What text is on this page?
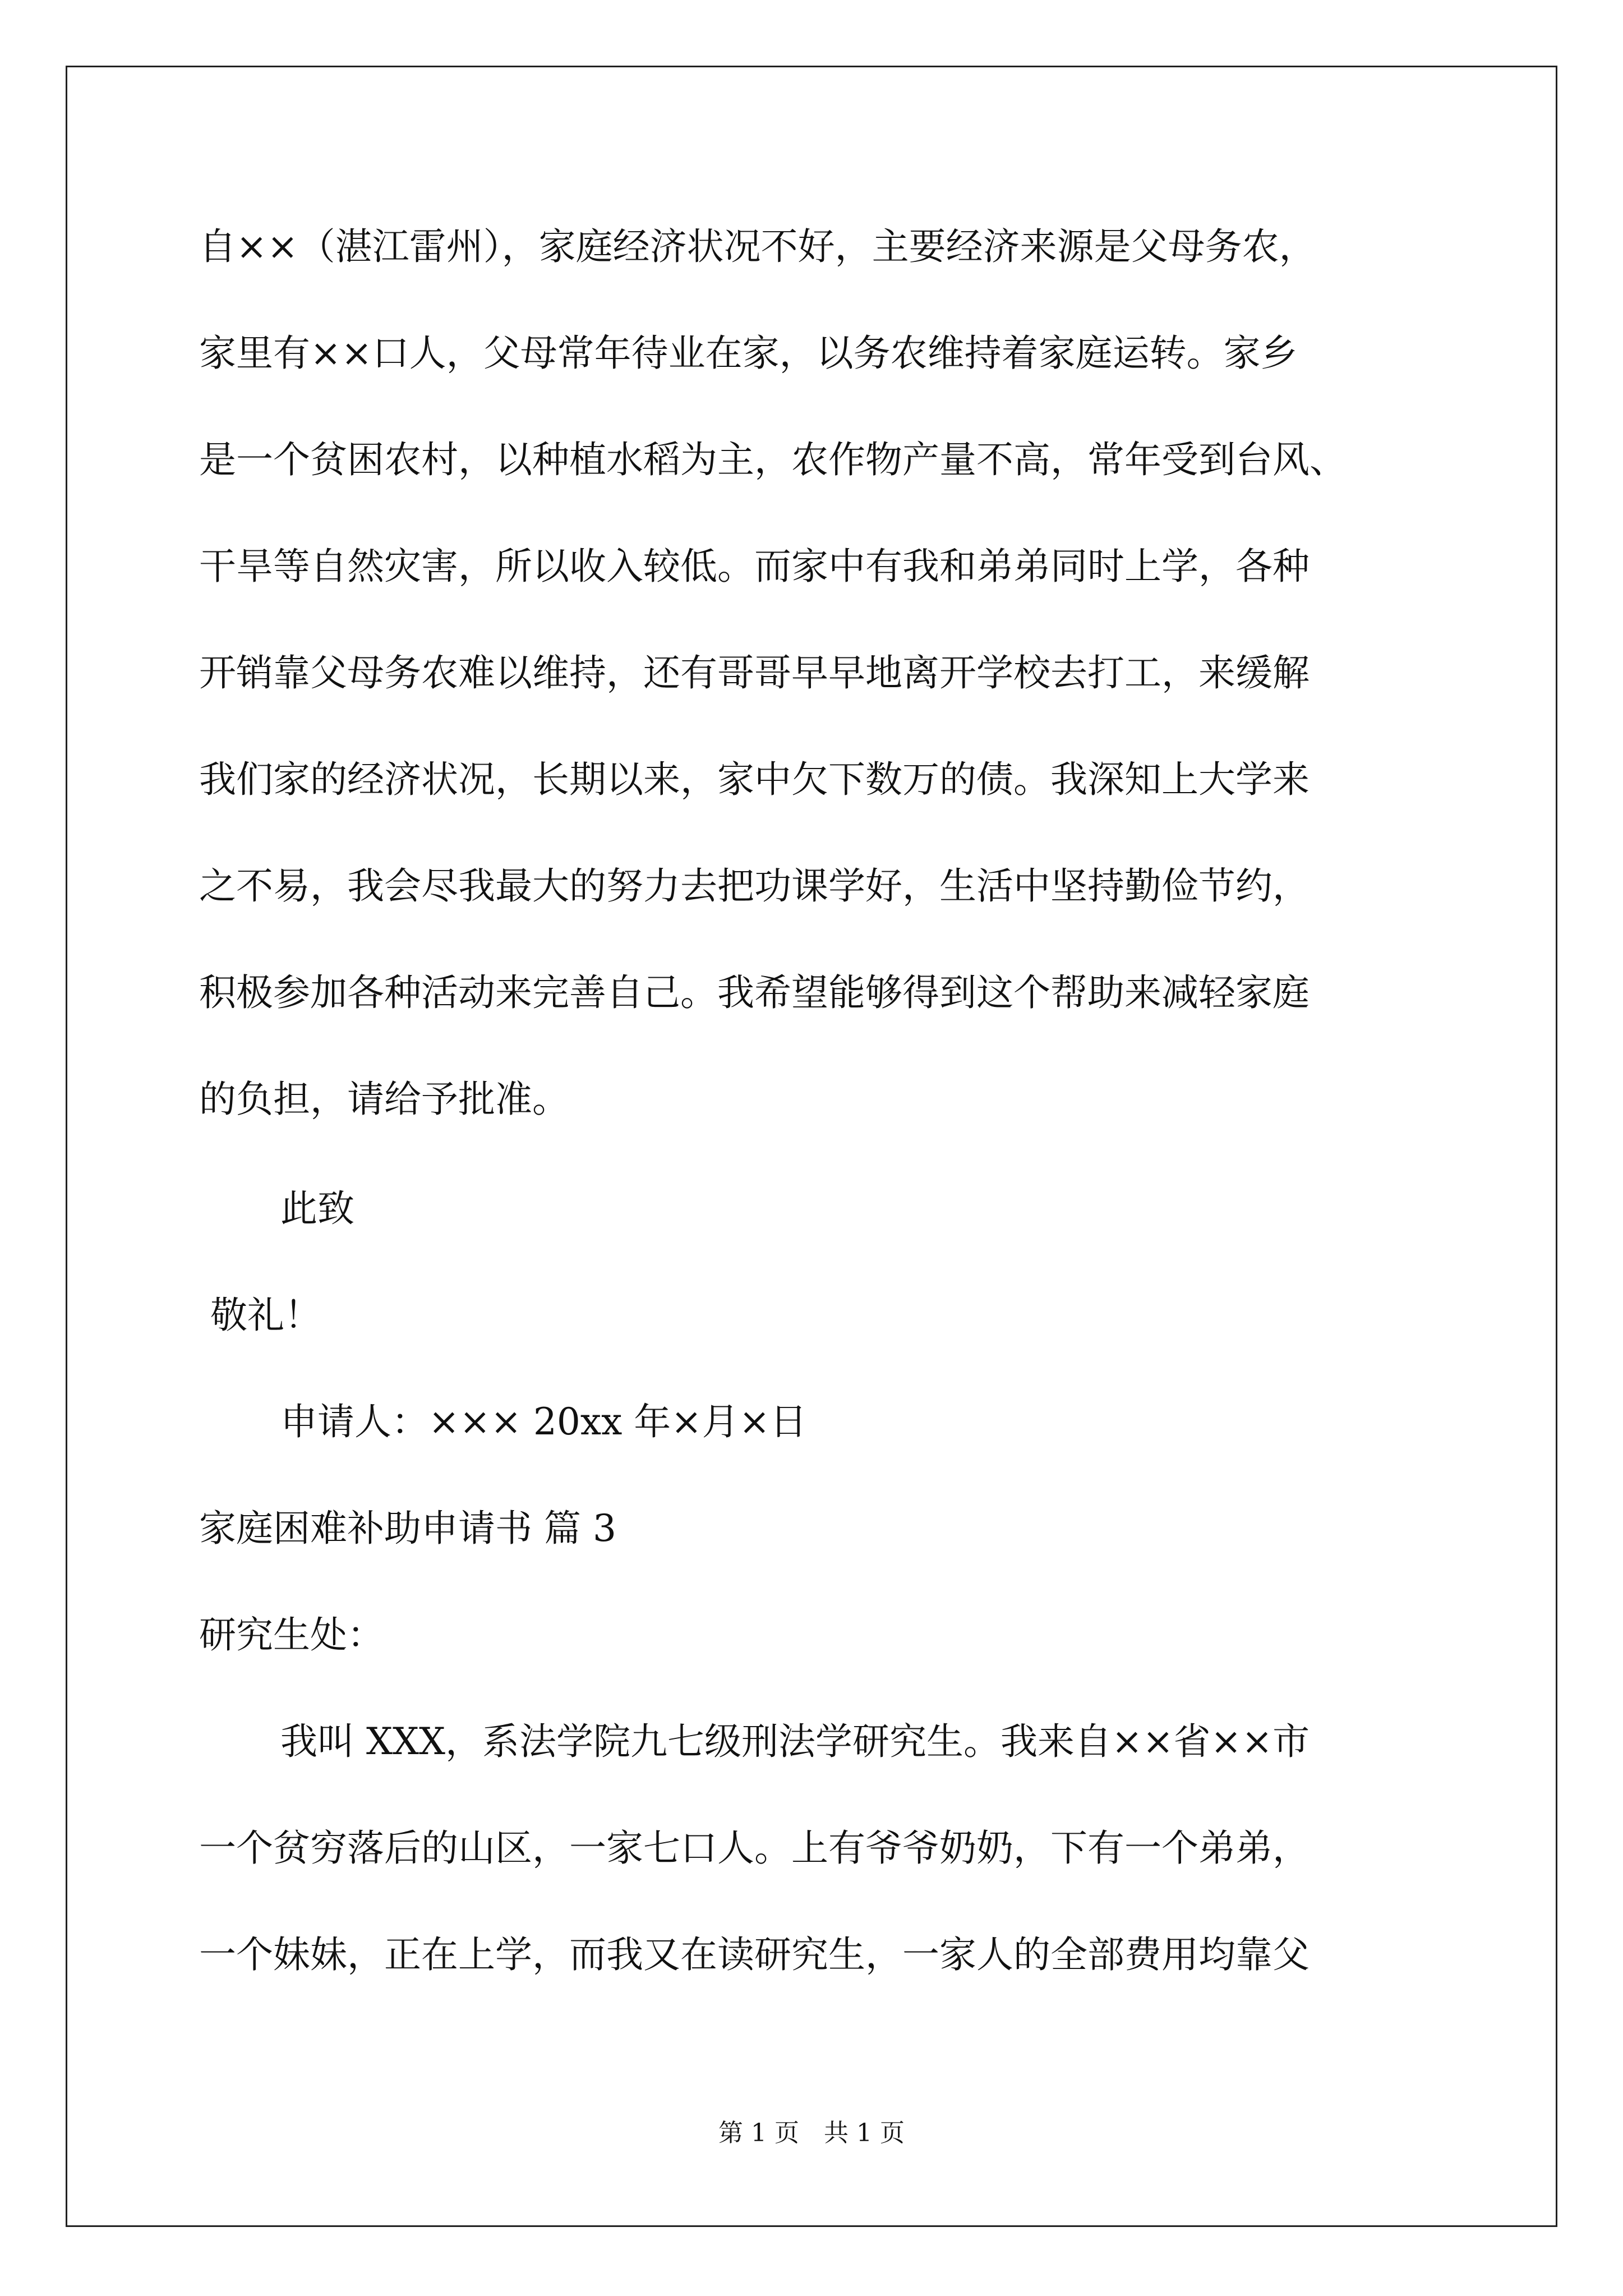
自××（湛江雷州），家庭经济状况不好，主要经济来源是父母务农，
家里有××口人，父母常年待业在家，以务农维持着家庭运转。家乡
是一个贫困农村，以种植水稻为主，农作物产量不高，常年受到台风、
干旱等自然灾害，所以收入较低。而家中有我和弟弟同时上学，各种
开销靠父母务农难以维持，还有哥哥早早地离开学校去打工，来缓解
我们家的经济状况，长期以来，家中欠下数万的债。我深知上大学来
之不易，我会尽我最大的努力去把功课学好，生活中坚持勤俭节约，
积极参加各种活动来完善自己。我希望能够得到这个帮助来减轻家庭
的负担，请给予批准。
此致
敬礼！
申请人：××× 20xx 年×月×日
家庭困难补助申请书 篇 3
研究生处：
我叫 XXX，系法学院九七级刑法学研究生。我来自××省××市
一个贫穷落后的山区，一家七口人。上有爷爷奶奶，下有一个弟弟，
一个妹妹，正在上学，而我又在读研究生，一家人的全部费用均靠父
第 1 页　共 1 页
